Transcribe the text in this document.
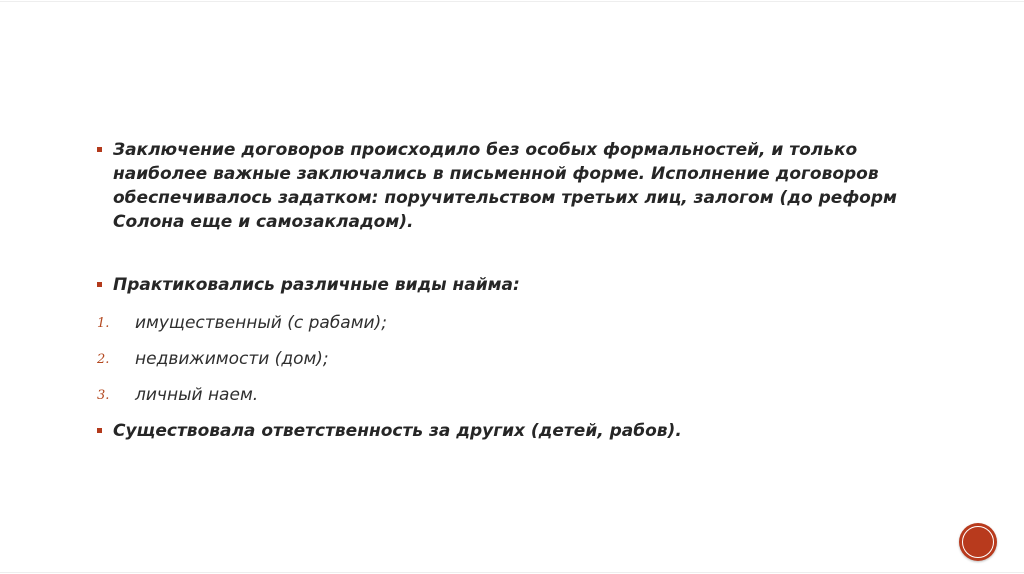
Заключение договоров происходило без особых формальностей, и только наиболее важные заключались в письменной форме. Исполнение договоров обеспечивалось задатком: поручительством третьих лиц, залогом (до реформ Солона еще и самозакладом).
Практиковались различные виды найма:
1. имущественный (с рабами);
2. недвижимости (дом);
3. личный наем.
Существовала ответственность за других (детей, рабов).
